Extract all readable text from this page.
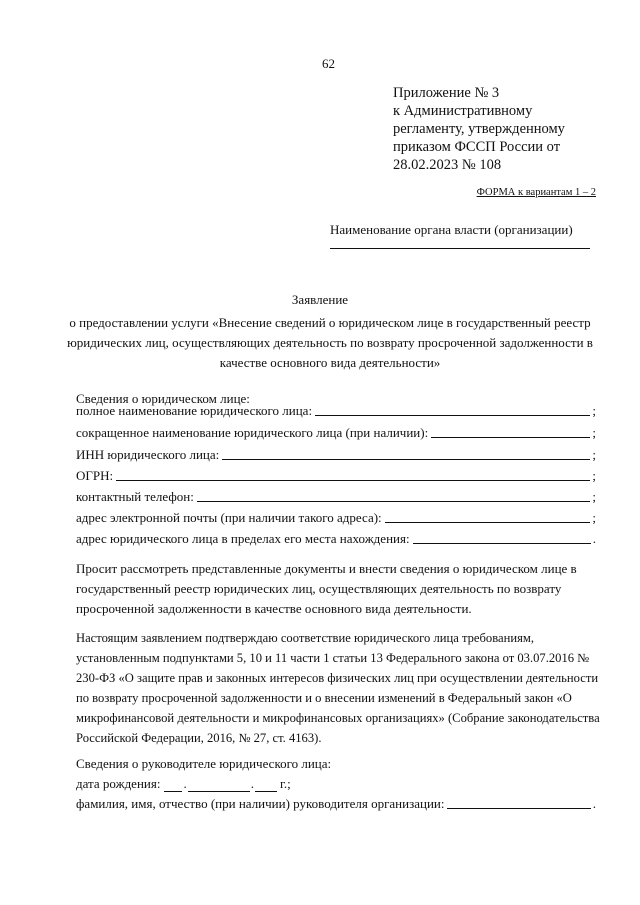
62
Приложение № 3
к Административному
регламенту, утвержденному
приказом ФССП России от
28.02.2023 № 108
ФОРМА к вариантам 1 – 2
Наименование органа власти (организации)
Заявление
о предоставлении услуги «Внесение сведений о юридическом лице в государственный реестр юридических лиц, осуществляющих деятельность по возврату просроченной задолженности в качестве основного вида деятельности»
Сведения о юридическом лице:
полное наименование юридического лица:	;
сокращенное наименование юридического лица (при наличии):	;
ИНН юридического лица:	;
ОГРН:	;
контактный телефон:	;
адрес электронной почты (при наличии такого адреса):	;
адрес юридического лица в пределах его места нахождения:	.
Просит рассмотреть представленные документы и внести сведения о юридическом лице в
государственный реестр юридических лиц, осуществляющих деятельность по возврату
просроченной задолженности в качестве основного вида деятельности.
Настоящим заявлением подтверждаю соответствие юридического лица требованиям,
установленным подпунктами 5, 10 и 11 части 1 статьи 13 Федерального закона от 03.07.2016 №
230-ФЗ «О защите прав и законных интересов физических лиц при осуществлении деятельности
по возврату просроченной задолженности и о внесении изменений в Федеральный закон «О
микрофинансовой деятельности и микрофинансовых организациях» (Собрание законодательства
Российской Федерации, 2016, № 27, ст. 4163).
Сведения о руководителе юридического лица:
дата рождения: .	. г.;
фамилия, имя, отчество (при наличии) руководителя организации:	.
